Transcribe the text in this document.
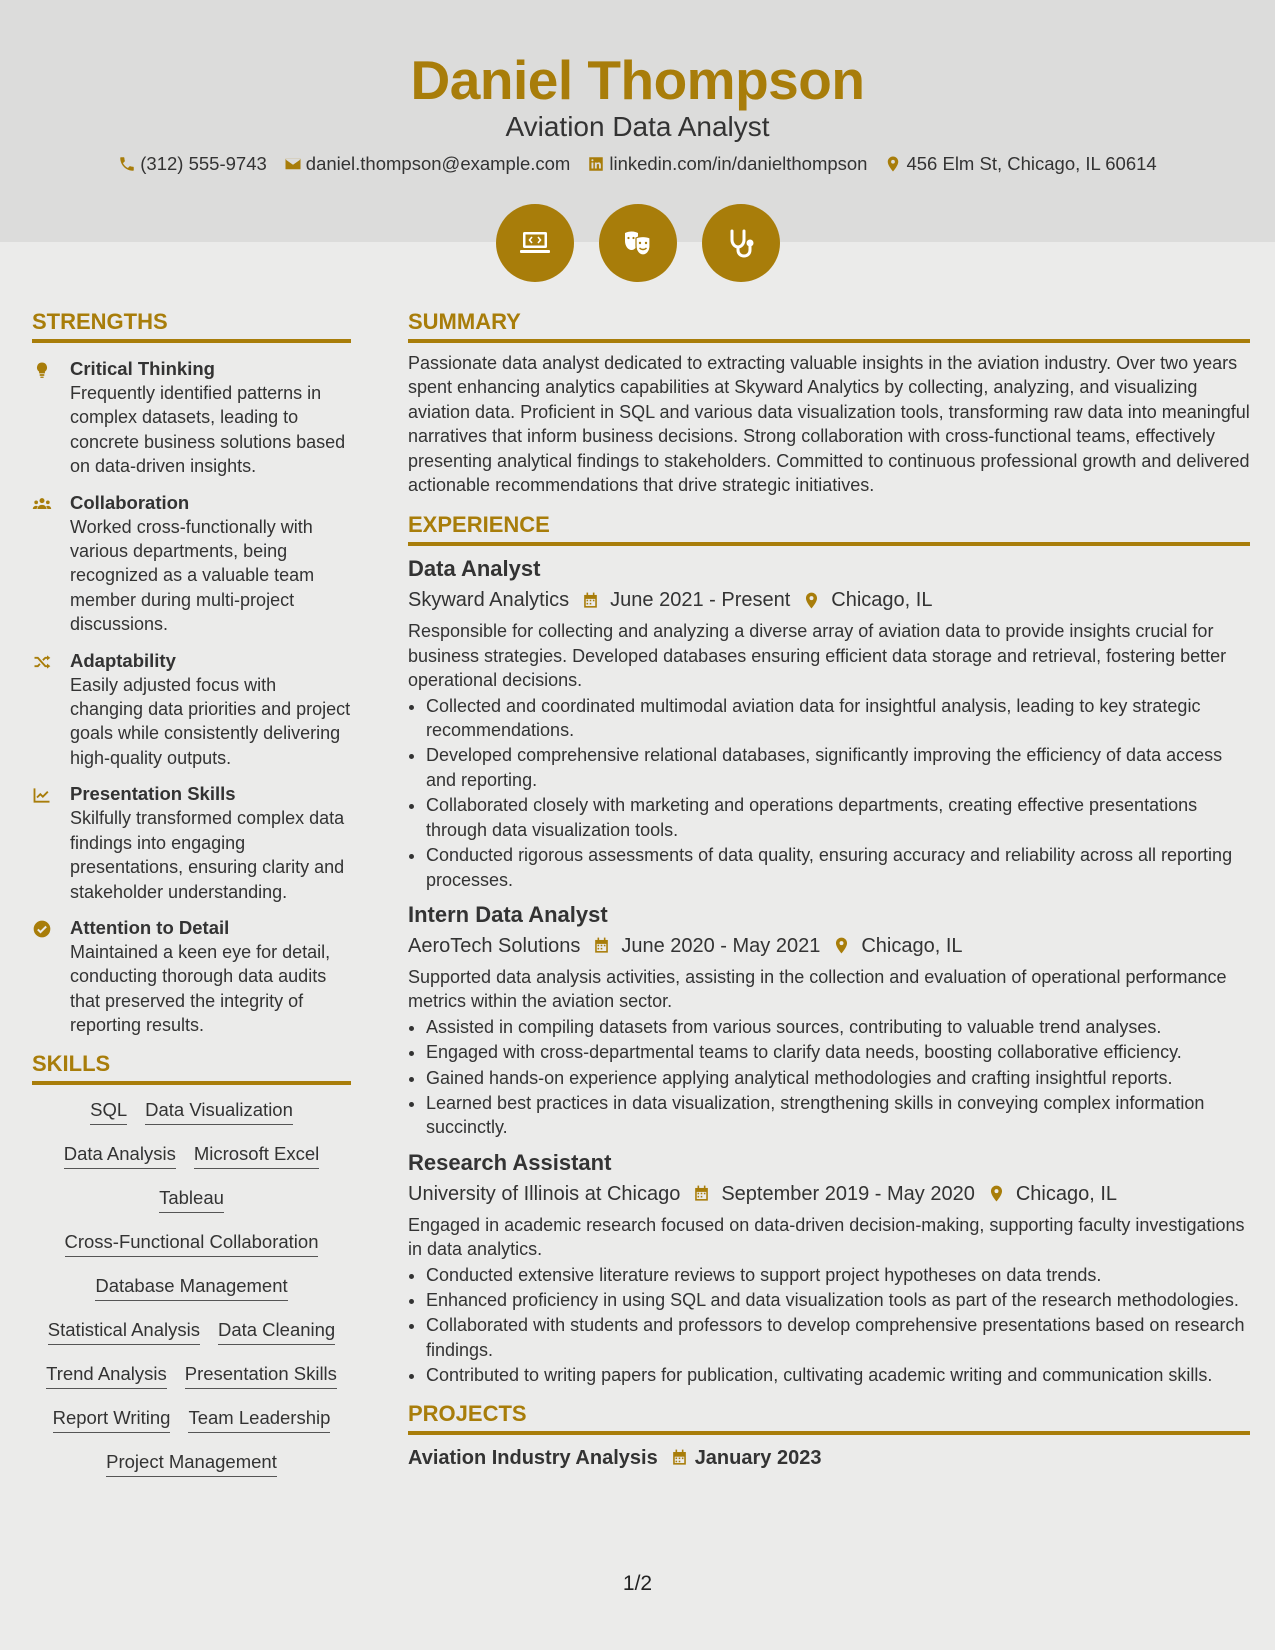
Daniel Thompson
Aviation Data Analyst
(312) 555-9743 daniel.thompson@example.com linkedin.com/in/danielthompson 456 Elm St, Chicago, IL 60614
STRENGTHS
Critical Thinking
Frequently identified patterns in complex datasets, leading to concrete business solutions based on data-driven insights.
Collaboration
Worked cross-functionally with various departments, being recognized as a valuable team member during multi-project discussions.
Adaptability
Easily adjusted focus with changing data priorities and project goals while consistently delivering high-quality outputs.
Presentation Skills
Skilfully transformed complex data findings into engaging presentations, ensuring clarity and stakeholder understanding.
Attention to Detail
Maintained a keen eye for detail, conducting thorough data audits that preserved the integrity of reporting results.
SKILLS
SQL Data Visualization
Data Analysis Microsoft Excel
Tableau
Cross-Functional Collaboration
Database Management
Statistical Analysis Data Cleaning
Trend Analysis Presentation Skills
Report Writing Team Leadership
Project Management
SUMMARY
Passionate data analyst dedicated to extracting valuable insights in the aviation industry. Over two years spent enhancing analytics capabilities at Skyward Analytics by collecting, analyzing, and visualizing aviation data. Proficient in SQL and various data visualization tools, transforming raw data into meaningful narratives that inform business decisions. Strong collaboration with cross-functional teams, effectively presenting analytical findings to stakeholders. Committed to continuous professional growth and delivered actionable recommendations that drive strategic initiatives.
EXPERIENCE
Data Analyst
Skyward Analytics June 2021 - Present Chicago, IL
Responsible for collecting and analyzing a diverse array of aviation data to provide insights crucial for business strategies. Developed databases ensuring efficient data storage and retrieval, fostering better operational decisions.
• Collected and coordinated multimodal aviation data for insightful analysis, leading to key strategic recommendations.
• Developed comprehensive relational databases, significantly improving the efficiency of data access and reporting.
• Collaborated closely with marketing and operations departments, creating effective presentations through data visualization tools.
• Conducted rigorous assessments of data quality, ensuring accuracy and reliability across all reporting processes.
Intern Data Analyst
AeroTech Solutions June 2020 - May 2021 Chicago, IL
Supported data analysis activities, assisting in the collection and evaluation of operational performance metrics within the aviation sector.
• Assisted in compiling datasets from various sources, contributing to valuable trend analyses.
• Engaged with cross-departmental teams to clarify data needs, boosting collaborative efficiency.
• Gained hands-on experience applying analytical methodologies and crafting insightful reports.
• Learned best practices in data visualization, strengthening skills in conveying complex information succinctly.
Research Assistant
University of Illinois at Chicago September 2019 - May 2020 Chicago, IL
Engaged in academic research focused on data-driven decision-making, supporting faculty investigations in data analytics.
• Conducted extensive literature reviews to support project hypotheses on data trends.
• Enhanced proficiency in using SQL and data visualization tools as part of the research methodologies.
• Collaborated with students and professors to develop comprehensive presentations based on research findings.
• Contributed to writing papers for publication, cultivating academic writing and communication skills.
PROJECTS
Aviation Industry Analysis January 2023
1/2
